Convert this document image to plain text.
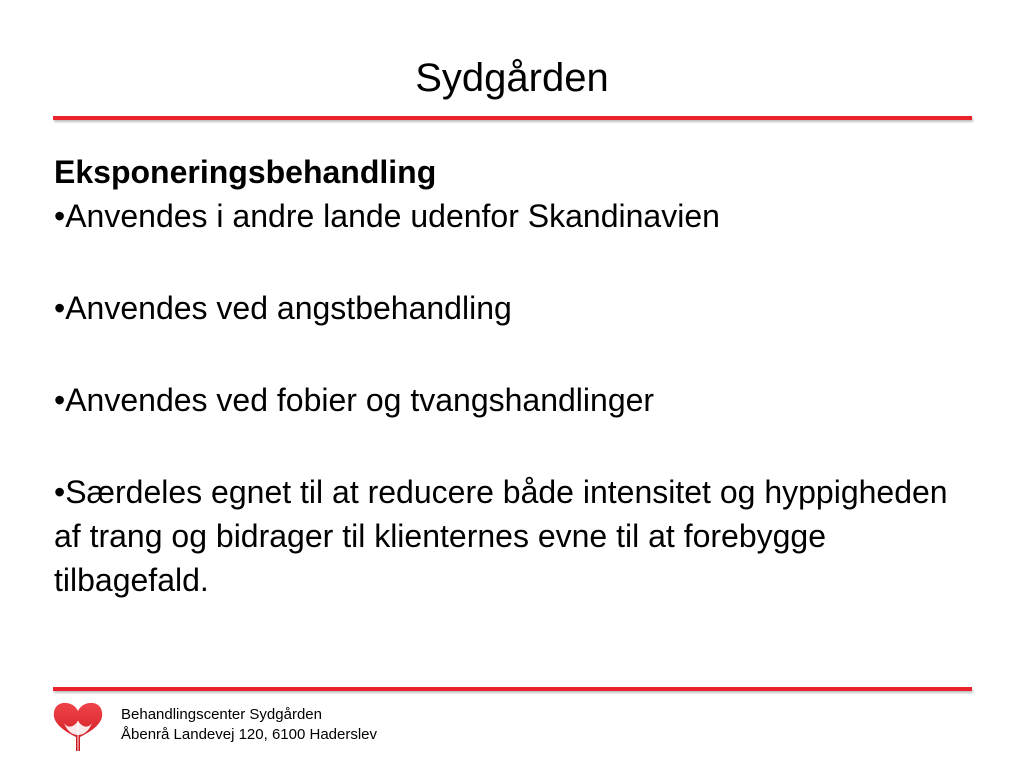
Sydgården

Eksponeringsbehandling

•Anvendes i andre lande udenfor Skandinavien

•Anvendes ved angstbehandling

•Anvendes ved fobier og tvangshandlinger

•Særdeles egnet til at reducere både intensitet og hyppigheden af trang og bidrager til klienternes evne til at forebygge tilbagefald.

Behandlingscenter Sydgården
Åbenrå Landevej 120, 6100 Haderslev
